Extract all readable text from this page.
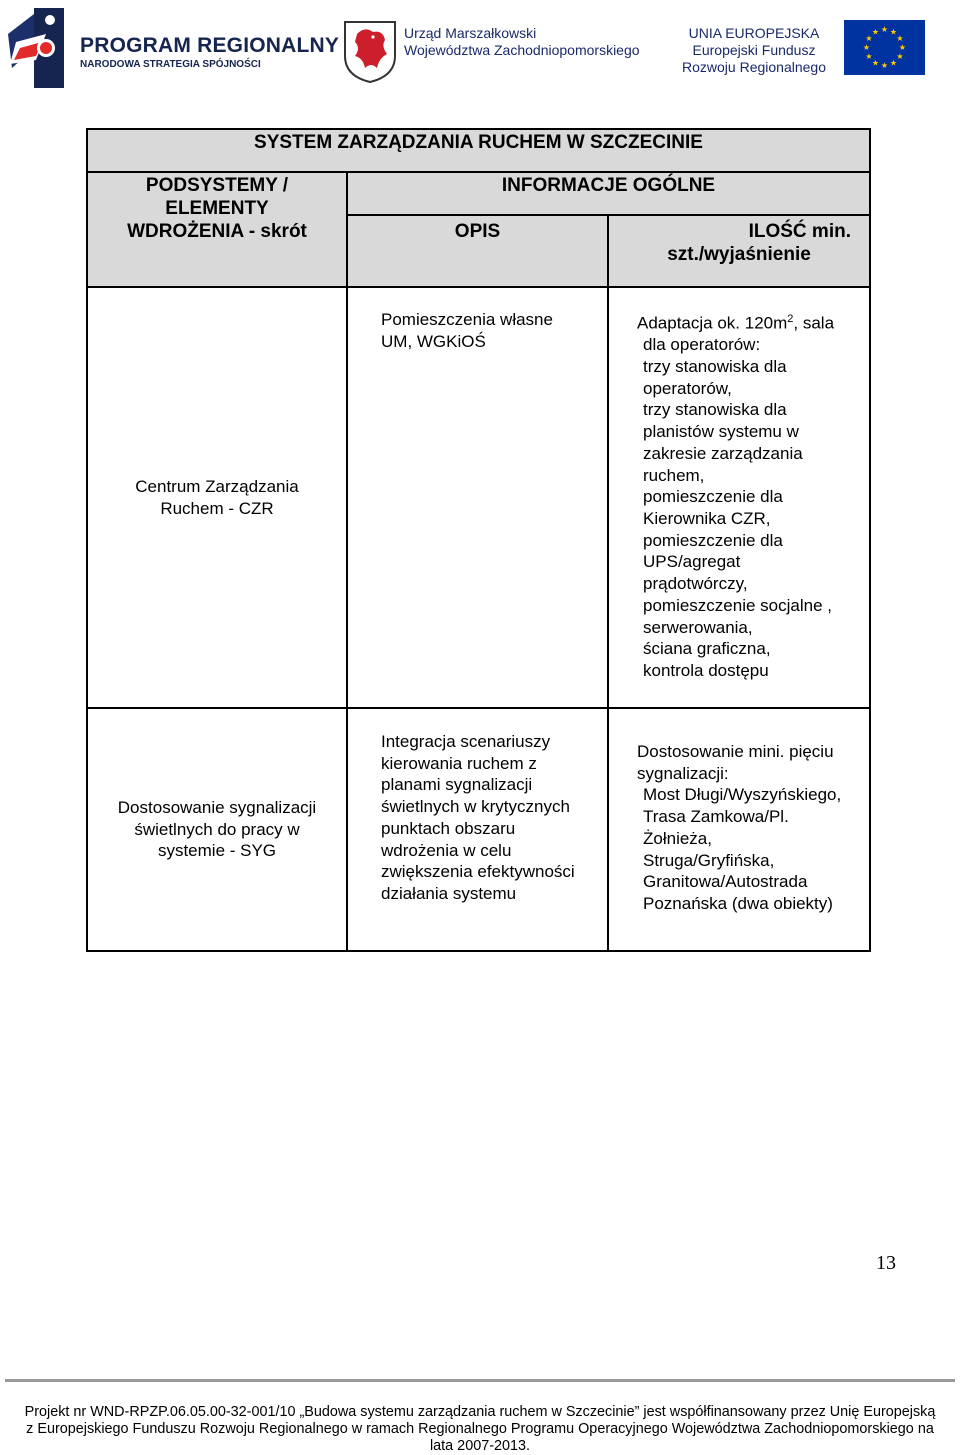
PROGRAM REGIONALNY
NARODOWA STRATEGIA SPÓJNOŚCI
Urząd Marszałkowski
Województwa Zachodniopomorskiego
UNIA EUROPEJSKA
Europejski Fundusz
Rozwoju Regionalnego
★ ★
★
★
★
★
★
★
★
★
★
★
SYSTEM ZARZĄDZANIA RUCHEM W SZCZECINIE
PODSYSTEMY /
ELEMENTY
WDROŻENIA - skrót
INFORMACJE OGÓLNE
OPIS	ILOŚĆ min.
szt./wyjaśnienie
Centrum Zarządzania
Ruchem - CZR
Pomieszczenia własne
UM, WGKiOŚ
Adaptacja ok. $120m^2$, sala
dla operatorów:
trzy stanowiska dla
operatorów,
trzy stanowiska dla
planistów systemu w
zakresie zarządzania
ruchem,
pomieszczenie dla
Kierownika CZR,
pomieszczenie dla
UPS/agregat
prądotwórczy,
pomieszczenie socjalne ,
serwerowania,
ściana graficzna,
kontrola dostępu
Dostosowanie sygnalizacji
świetlnych do pracy w
systemie - SYG
Integracja scenariuszy
kierowania ruchem z
planami sygnalizacji
świetlnych w krytycznych
punktach obszaru
wdrożenia w celu
zwiększenia efektywności
działania systemu
Dostosowanie mini. pięciu
sygnalizacji:
Most Długi/Wyszyńskiego,
Trasa Zamkowa/Pl.
Żołnieża,
Struga/Gryfińska,
Granitowa/Autostrada
Poznańska (dwa obiekty)
13
Projekt nr WND-RPZP.06.05.00-32-001/10 „Budowa systemu zarządzania ruchem w Szczecinie” jest współfinansowany przez Unię Europejską
z Europejskiego Funduszu Rozwoju Regionalnego w ramach Regionalnego Programu Operacyjnego Województwa Zachodniopomorskiego na
lata 2007-2013.
